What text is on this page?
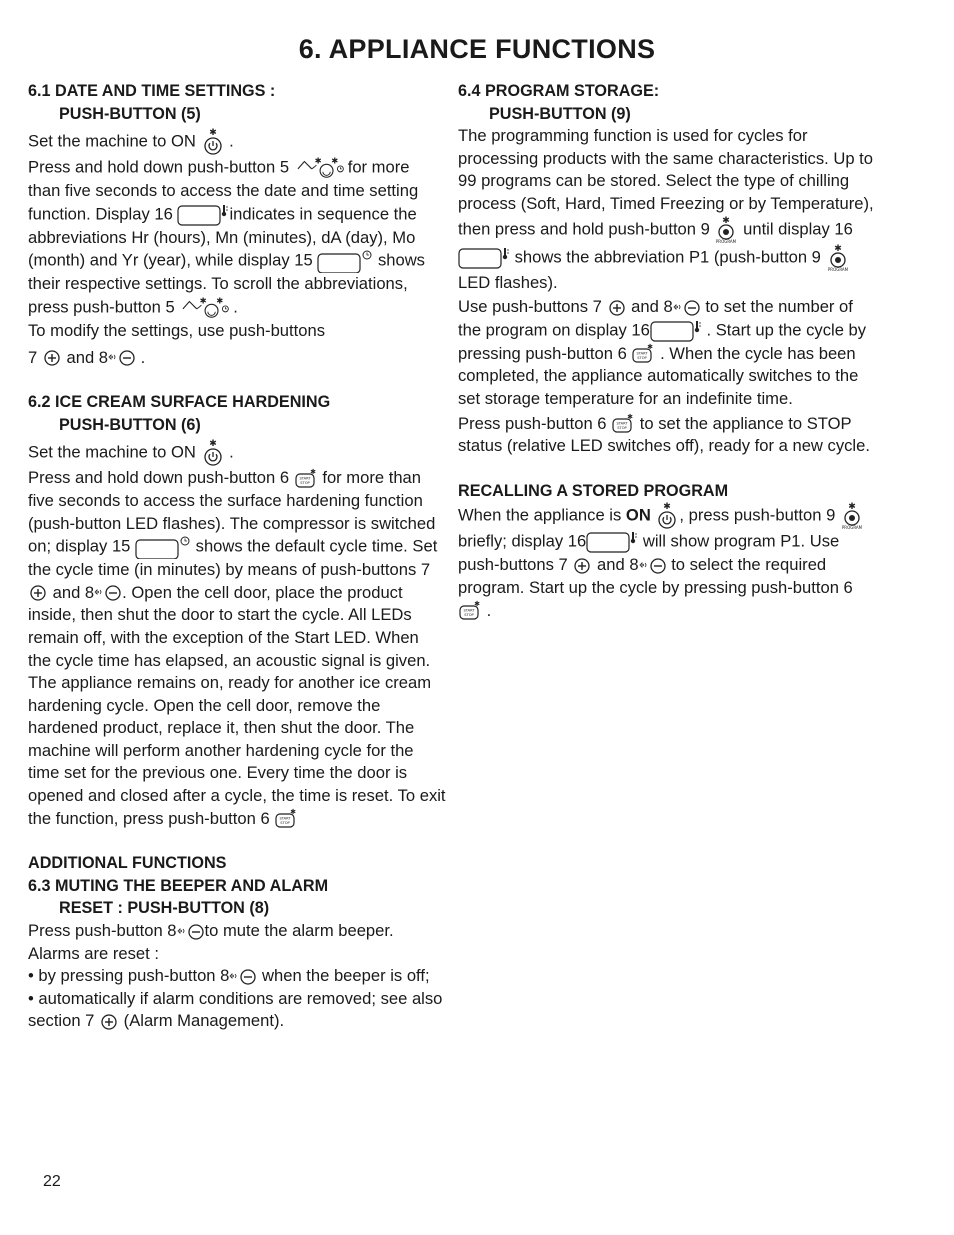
6. APPLIANCE FUNCTIONS

6.1 DATE AND TIME SETTINGS :

PUSH-BUTTON (5)

Set the machine to ON .

Press and hold down push-button 5	for more than five seconds to access the date and time setting function. Display 16	indicates in sequence the abbreviations Hr (hours), Mn (minutes), dA (day), Mo (month) and Yr (year), while display 15	shows their respective settings. To scroll the abbreviations, press push-button 5	.

To modify the settings, use push-buttons

7 and 8 .

6.2 ICE CREAM SURFACE HARDENING

PUSH-BUTTON (6)

Set the machine to ON .

Press and hold down push-button 6 for more than five seconds to access the surface hardening function (push-button LED flashes). The compressor is switched on; display 15	shows the default cycle time. Set the cycle time (in minutes) by means of push-buttons 7
and 8 . Open the cell door, place the product inside, then shut the door to start the cycle. All LEDs remain off, with the exception of the Start LED. When the cycle time has elapsed, an acoustic signal is given. The appliance remains on, ready for another ice cream hardening cycle. Open the cell door, remove the hardened product, replace it, then shut the door. The machine will perform another hardening cycle for the time set for the previous one. Every time the door is opened and closed after a cycle, the time is reset. To exit the function, press push-button 6

ADDITIONAL FUNCTIONS

6.3 MUTING THE BEEPER AND ALARM

RESET : PUSH-BUTTON (8)

Press push-button 8 to mute the alarm beeper.

Alarms are reset :

• by pressing push-button 8 when the beeper is off;

• automatically if alarm conditions are removed; see also section 7 (Alarm Management).

6.4 PROGRAM STORAGE:

PUSH-BUTTON (9)

The programming function is used for cycles for processing products with the same characteristics. Up to 99 programs can be stored. Select the type of chilling process (Soft, Hard, Timed Freezing or by Temperature), then press and hold push-button 9 until display 16
shows the abbreviation P1 (push-button 9
LED flashes).

Use push-buttons 7 and 8 to set the number of the program on display 16	. Start up the cycle by pressing push-button 6 . When the cycle has been completed, the appliance automatically switches to the set storage temperature for an indefinite time.

Press push-button 6 to set the appliance to STOP status (relative LED switches off), ready for a new cycle.

RECALLING A STORED PROGRAM

When the appliance is ON , press push-button 9
briefly; display 16	will show program P1. Use push-buttons 7 and 8 to select the required program. Start up the cycle by pressing push-button 6
.

22
